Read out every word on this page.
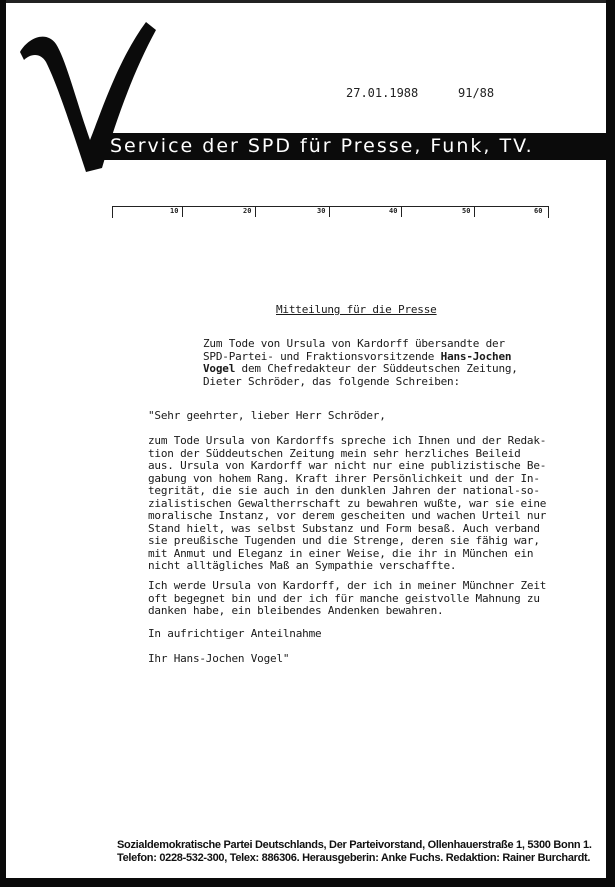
27.01.1988	91/88
Service der SPD für Presse, Funk, TV.
10	20	30	40	50	60
Mitteilung für die Presse
Zum Tode von Ursula von Kardorff übersandte der
SPD-Partei- und Fraktionsvorsitzende Hans-Jochen
Vogel dem Chefredakteur der Süddeutschen Zeitung,
Dieter Schröder, das folgende Schreiben:
"Sehr geehrter, lieber Herr Schröder,
zum Tode Ursula von Kardorffs spreche ich Ihnen und der Redak-
tion der Süddeutschen Zeitung mein sehr herzliches Beileid
aus. Ursula von Kardorff war nicht nur eine publizistische Be-
gabung von hohem Rang. Kraft ihrer Persönlichkeit und der In-
tegrität, die sie auch in den dunklen Jahren der national-so-
zialistischen Gewaltherrschaft zu bewahren wußte, war sie eine
moralische Instanz, vor derem gescheiten und wachen Urteil nur
Stand hielt, was selbst Substanz und Form besaß. Auch verband
sie preußische Tugenden und die Strenge, deren sie fähig war,
mit Anmut und Eleganz in einer Weise, die ihr in München ein
nicht alltägliches Maß an Sympathie verschaffte.
Ich werde Ursula von Kardorff, der ich in meiner Münchner Zeit
oft begegnet bin und der ich für manche geistvolle Mahnung zu
danken habe, ein bleibendes Andenken bewahren.
In aufrichtiger Anteilnahme
Ihr Hans-Jochen Vogel"
Sozialdemokratische Partei Deutschlands, Der Parteivorstand, Ollenhauerstraße 1, 5300 Bonn 1.
Telefon: 0228-532-300, Telex: 886306. Herausgeberin: Anke Fuchs. Redaktion: Rainer Burchardt.
